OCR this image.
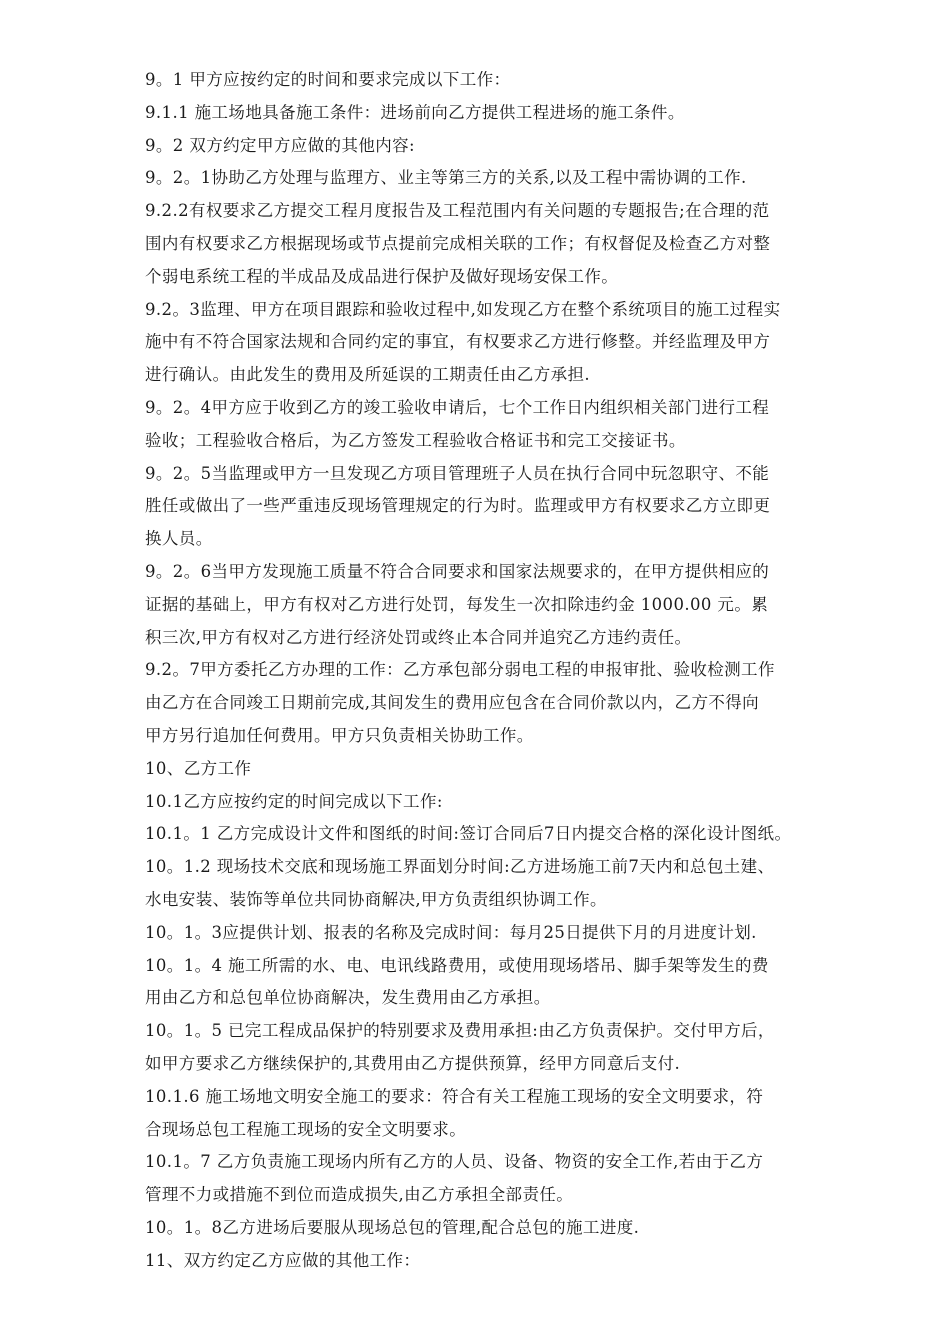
9。1 甲方应按约定的时间和要求完成以下工作：
9.1.1 施工场地具备施工条件：进场前向乙方提供工程进场的施工条件。
9。2 双方约定甲方应做的其他内容:
9。2。1协助乙方处理与监理方、业主等第三方的关系,以及工程中需协调的工作.
9.2.2有权要求乙方提交工程月度报告及工程范围内有关问题的专题报告;在合理的范
围内有权要求乙方根据现场或节点提前完成相关联的工作；有权督促及检查乙方对整
个弱电系统工程的半成品及成品进行保护及做好现场安保工作。
9.2。3监理、甲方在项目跟踪和验收过程中,如发现乙方在整个系统项目的施工过程实
施中有不符合国家法规和合同约定的事宜，有权要求乙方进行修整。并经监理及甲方
进行确认。由此发生的费用及所延误的工期责任由乙方承担.
9。2。4甲方应于收到乙方的竣工验收申请后，七个工作日内组织相关部门进行工程
验收；工程验收合格后，为乙方签发工程验收合格证书和完工交接证书。
9。2。5当监理或甲方一旦发现乙方项目管理班子人员在执行合同中玩忽职守、不能
胜任或做出了一些严重违反现场管理规定的行为时。监理或甲方有权要求乙方立即更
换人员。
9。2。6当甲方发现施工质量不符合合同要求和国家法规要求的，在甲方提供相应的
证据的基础上，甲方有权对乙方进行处罚，每发生一次扣除违约金 1000.00 元。累
积三次,甲方有权对乙方进行经济处罚或终止本合同并追究乙方违约责任。
9.2。7甲方委托乙方办理的工作：乙方承包部分弱电工程的申报审批、验收检测工作
由乙方在合同竣工日期前完成,其间发生的费用应包含在合同价款以内，乙方不得向
甲方另行追加任何费用。甲方只负责相关协助工作。
10、乙方工作
10.1乙方应按约定的时间完成以下工作:
10.1。1 乙方完成设计文件和图纸的时间:签订合同后7日内提交合格的深化设计图纸。
10。1.2 现场技术交底和现场施工界面划分时间:乙方进场施工前7天内和总包土建、
水电安装、装饰等单位共同协商解决,甲方负责组织协调工作。
10。1。3应提供计划、报表的名称及完成时间：每月25日提供下月的月进度计划.
10。1。4 施工所需的水、电、电讯线路费用，或使用现场塔吊、脚手架等发生的费
用由乙方和总包单位协商解决，发生费用由乙方承担。
10。1。5 已完工程成品保护的特别要求及费用承担:由乙方负责保护。交付甲方后，
如甲方要求乙方继续保护的,其费用由乙方提供预算，经甲方同意后支付.
10.1.6 施工场地文明安全施工的要求：符合有关工程施工现场的安全文明要求，符
合现场总包工程施工现场的安全文明要求。
10.1。7 乙方负责施工现场内所有乙方的人员、设备、物资的安全工作,若由于乙方
管理不力或措施不到位而造成损失,由乙方承担全部责任。
10。1。8乙方进场后要服从现场总包的管理,配合总包的施工进度.
11、双方约定乙方应做的其他工作：
